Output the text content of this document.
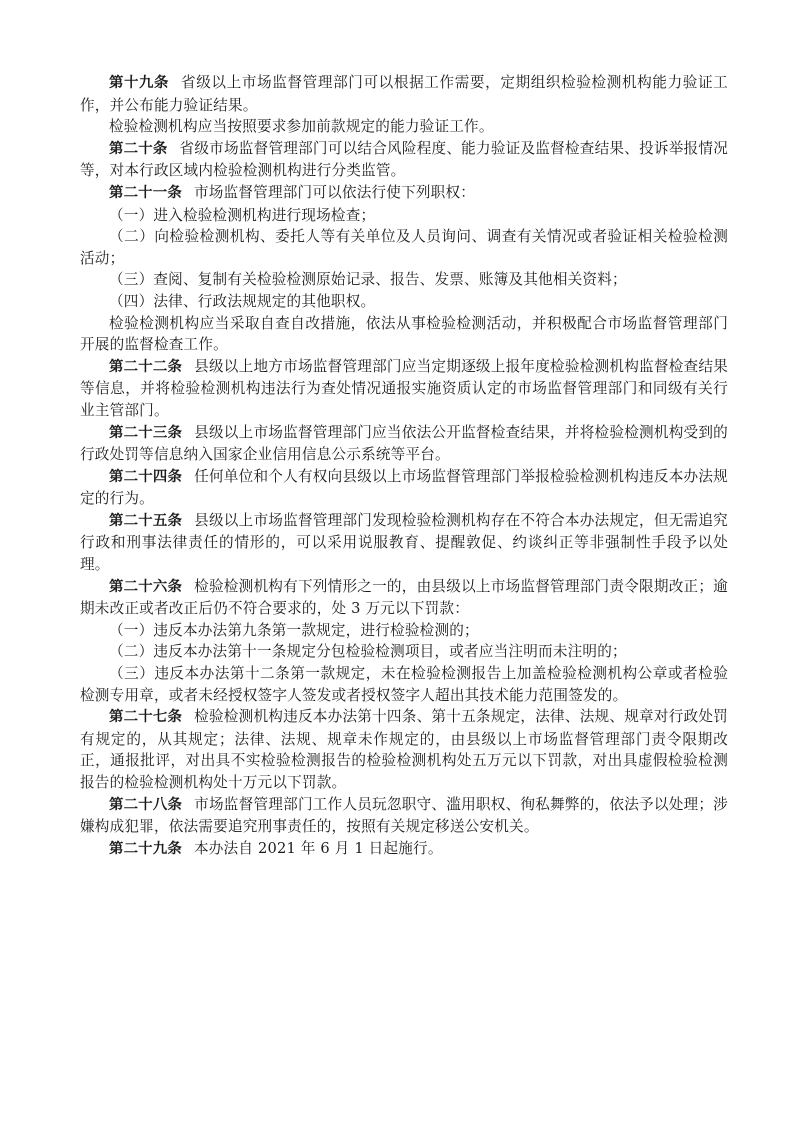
第十九条 省级以上市场监督管理部门可以根据工作需要，定期组织检验检测机构能力验证工作，并公布能力验证结果。

检验检测机构应当按照要求参加前款规定的能力验证工作。

第二十条 省级市场监督管理部门可以结合风险程度、能力验证及监督检查结果、投诉举报情况等，对本行政区域内检验检测机构进行分类监管。

第二十一条 市场监督管理部门可以依法行使下列职权：

（一）进入检验检测机构进行现场检查；

（二）向检验检测机构、委托人等有关单位及人员询问、调查有关情况或者验证相关检验检测活动；

（三）查阅、复制有关检验检测原始记录、报告、发票、账簿及其他相关资料；

（四）法律、行政法规规定的其他职权。

检验检测机构应当采取自查自改措施，依法从事检验检测活动，并积极配合市场监督管理部门开展的监督检查工作。

第二十二条 县级以上地方市场监督管理部门应当定期逐级上报年度检验检测机构监督检查结果等信息，并将检验检测机构违法行为查处情况通报实施资质认定的市场监督管理部门和同级有关行业主管部门。

第二十三条 县级以上市场监督管理部门应当依法公开监督检查结果，并将检验检测机构受到的行政处罚等信息纳入国家企业信用信息公示系统等平台。

第二十四条 任何单位和个人有权向县级以上市场监督管理部门举报检验检测机构违反本办法规定的行为。

第二十五条 县级以上市场监督管理部门发现检验检测机构存在不符合本办法规定，但无需追究行政和刑事法律责任的情形的，可以采用说服教育、提醒敦促、约谈纠正等非强制性手段予以处理。

第二十六条 检验检测机构有下列情形之一的，由县级以上市场监督管理部门责令限期改正；逾期未改正或者改正后仍不符合要求的，处 3 万元以下罚款：

（一）违反本办法第九条第一款规定，进行检验检测的；

（二）违反本办法第十一条规定分包检验检测项目，或者应当注明而未注明的；

（三）违反本办法第十二条第一款规定，未在检验检测报告上加盖检验检测机构公章或者检验检测专用章，或者未经授权签字人签发或者授权签字人超出其技术能力范围签发的。

第二十七条 检验检测机构违反本办法第十四条、第十五条规定，法律、法规、规章对行政处罚有规定的，从其规定；法律、法规、规章未作规定的，由县级以上市场监督管理部门责令限期改正，通报批评，对出具不实检验检测报告的检验检测机构处五万元以下罚款，对出具虚假检验检测报告的检验检测机构处十万元以下罚款。

第二十八条 市场监督管理部门工作人员玩忽职守、滥用职权、徇私舞弊的，依法予以处理；涉嫌构成犯罪，依法需要追究刑事责任的，按照有关规定移送公安机关。

第二十九条 本办法自 2021 年 6 月 1 日起施行。
